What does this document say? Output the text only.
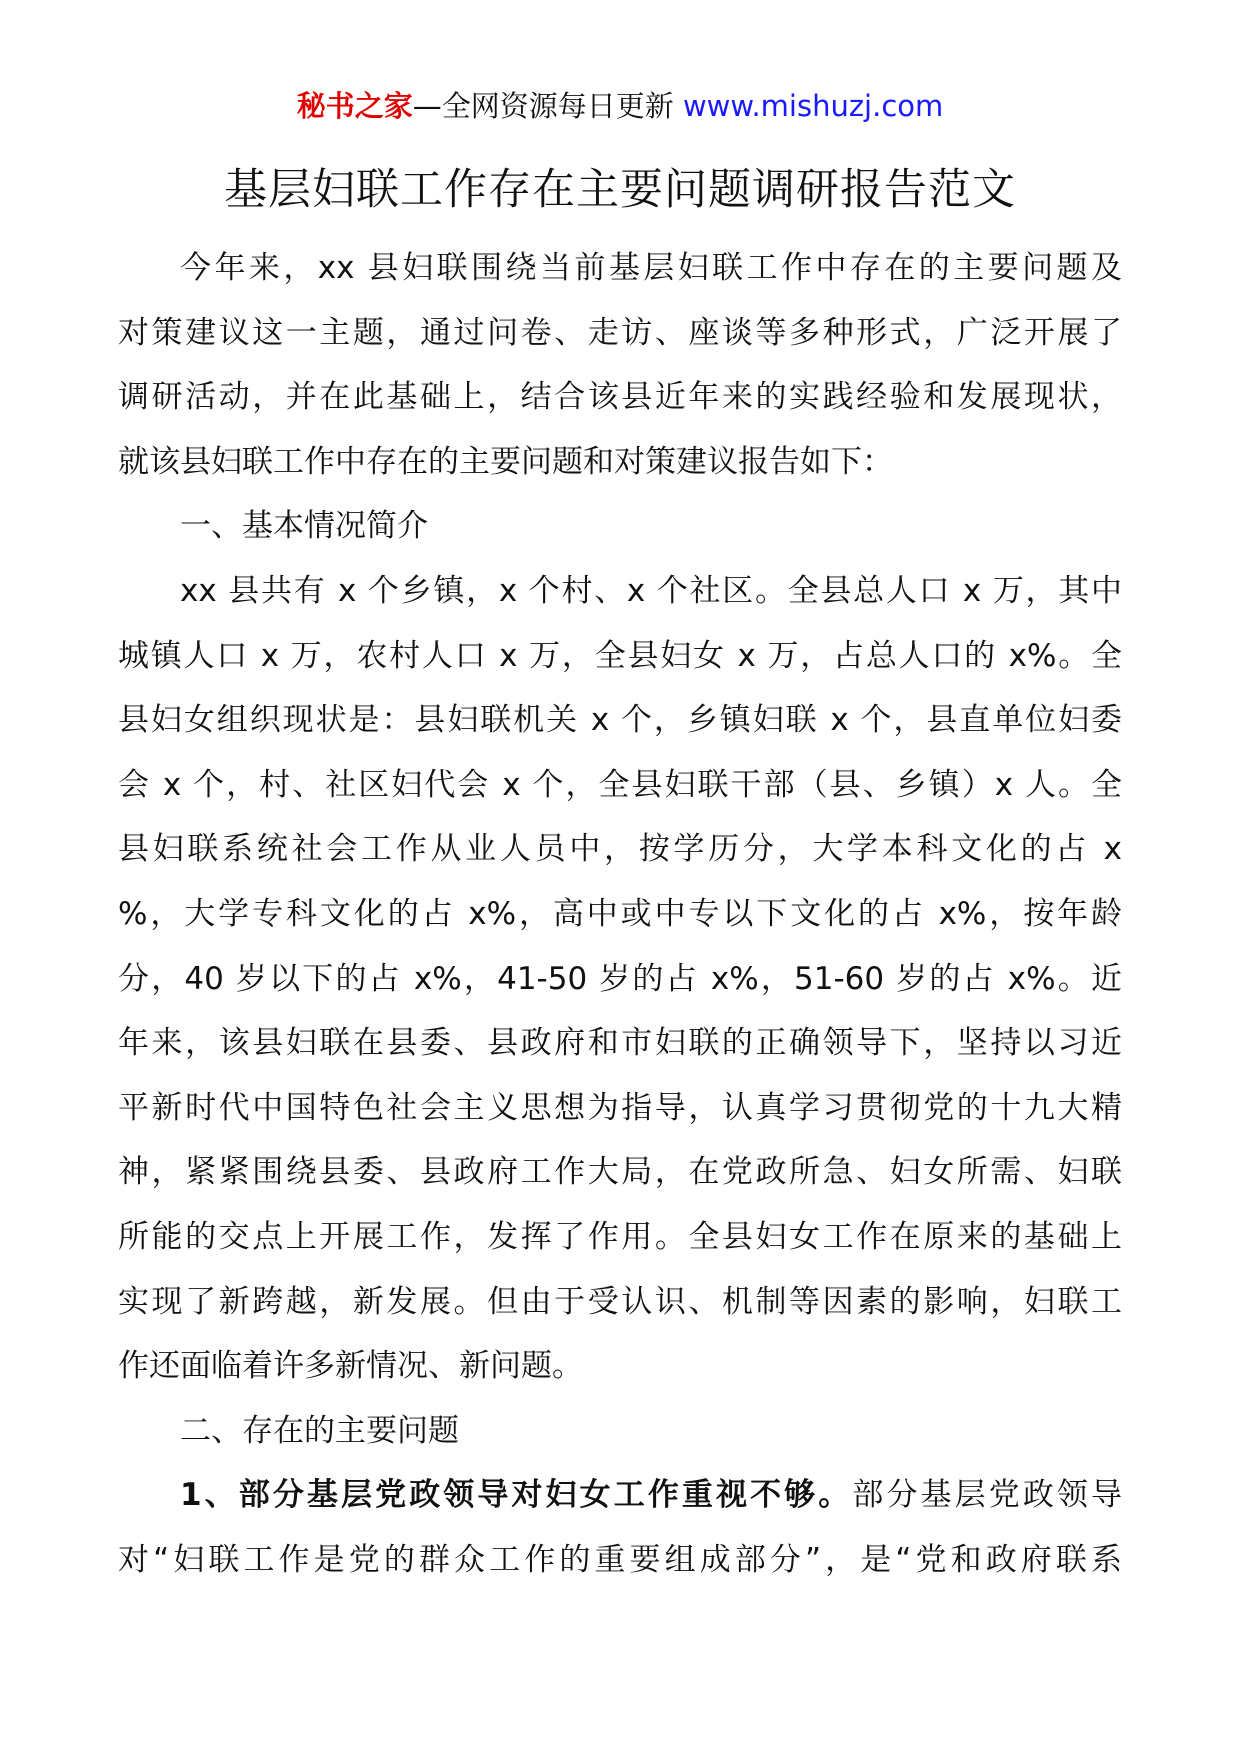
秘书之家—全网资源每日更新 www.mishuzj.com
基层妇联工作存在主要问题调研报告范文
今年来，xx 县妇联围绕当前基层妇联工作中存在的主要问题及
对策建议这一主题，通过问卷、走访、座谈等多种形式，广泛开展了
调研活动，并在此基础上，结合该县近年来的实践经验和发展现状，
就该县妇联工作中存在的主要问题和对策建议报告如下：
一、基本情况简介
xx 县共有 x 个乡镇，x 个村、x 个社区。全县总人口 x 万，其中
城镇人口 x 万，农村人口 x 万，全县妇女 x 万，占总人口的 x%。全
县妇女组织现状是：县妇联机关 x 个，乡镇妇联 x 个，县直单位妇委
会 x 个，村、社区妇代会 x 个，全县妇联干部（县、乡镇）x 人。全
县妇联系统社会工作从业人员中，按学历分，大学本科文化的占 x
%，大学专科文化的占 x%，高中或中专以下文化的占 x%，按年龄
分，40 岁以下的占 x%，41-50 岁的占 x%，51-60 岁的占 x%。近
年来，该县妇联在县委、县政府和市妇联的正确领导下，坚持以习近
平新时代中国特色社会主义思想为指导，认真学习贯彻党的十九大精
神，紧紧围绕县委、县政府工作大局，在党政所急、妇女所需、妇联
所能的交点上开展工作，发挥了作用。全县妇女工作在原来的基础上
实现了新跨越，新发展。但由于受认识、机制等因素的影响，妇联工
作还面临着许多新情况、新问题。
二、存在的主要问题
1、部分基层党政领导对妇女工作重视不够。部分基层党政领导
对“妇联工作是党的群众工作的重要组成部分”，是“党和政府联系
